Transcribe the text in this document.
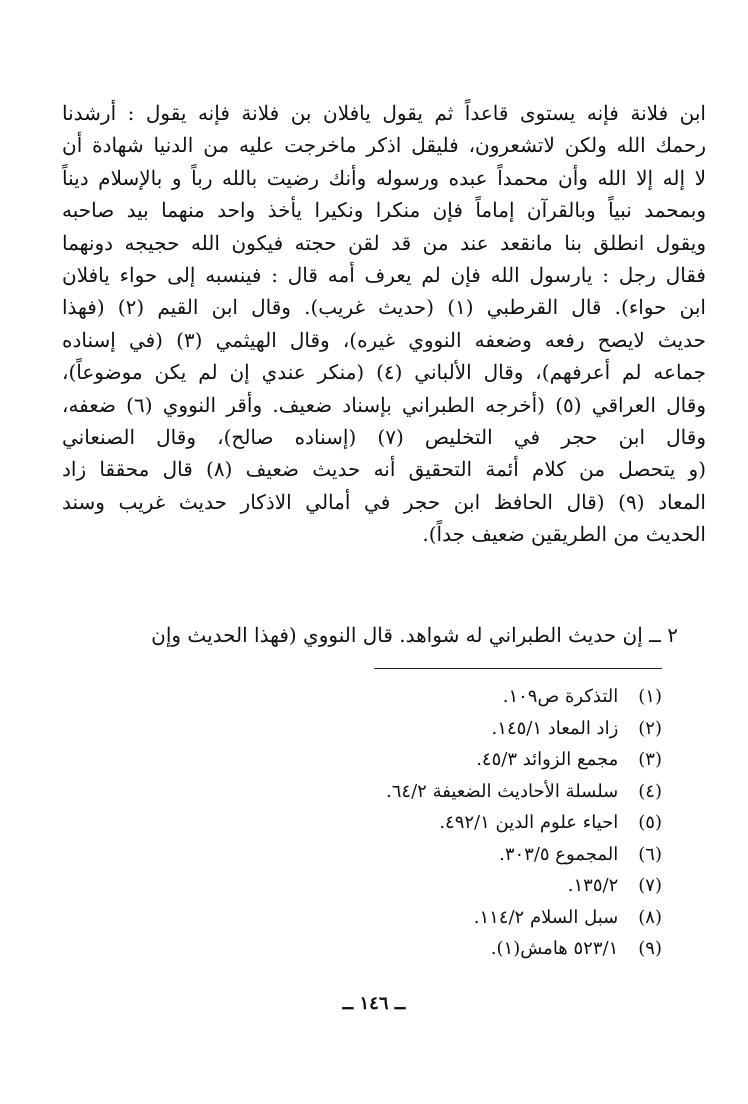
ابن فلانة فإنه يستوى قاعداً ثم يقول يافلان بن فلانة فإنه يقول : أرشدنا
رحمك الله ولكن لاتشعرون، فليقل اذكر ماخرجت عليه من الدنيا شهادة أن
لا إله إلا الله وأن محمداً عبده ورسوله وأنك رضيت بالله رباً و بالإسلام ديناً
وبمحمد نبياً وبالقرآن إماماً فإن منكرا ونكيرا يأخذ واحد منهما بيد صاحبه
ويقول انطلق بنا مانقعد عند من قد لقن حجته فيكون الله حجيجه دونهما
فقال رجل : يارسول الله فإن لم يعرف أمه قال : فينسبه إلى حواء يافلان
ابن حواء). قال القرطبي (١) (حديث غريب). وقال ابن القيم (٢) (فهذا
حديث لايصح رفعه وضعفه النووي غيره)، وقال الهيثمي (٣) (في إسناده
جماعه لم أعرفهم)، وقال الألباني (٤) (منكر عندي إن لم يكن موضوعاً)،
وقال العراقي (٥) (أخرجه الطبراني بإسناد ضعيف. وأقر النووي (٦) ضعفه،
وقال ابن حجر في التخليص (٧) (إسناده صالح)، وقال الصنعاني
(و يتحصل من كلام أئمة التحقيق أنه حديث ضعيف (٨) قال محققا زاد
المعاد (٩) (قال الحافظ ابن حجر في أمالي الاذكار حديث غريب وسند
الحديث من الطريقين ضعيف جداً).
٢ ــ إن حديث الطبراني له شواهد. قال النووي (فهذا الحديث وإن
(١) التذكرة ص١٠٩.
(٢) زاد المعاد ١٤٥/١.
(٣) مجمع الزوائد ٤٥/٣.
(٤) سلسلة الأحاديث الضعيفة ٦٤/٢.
(٥) احياء علوم الدين ٤٩٢/١.
(٦) المجموع ٣٠٣/٥.
(٧) ١٣٥/٢.
(٨) سبل السلام ١١٤/٢.
(٩) ٥٢٣/١ هامش(١).
ــ ١٤٦ ــ
